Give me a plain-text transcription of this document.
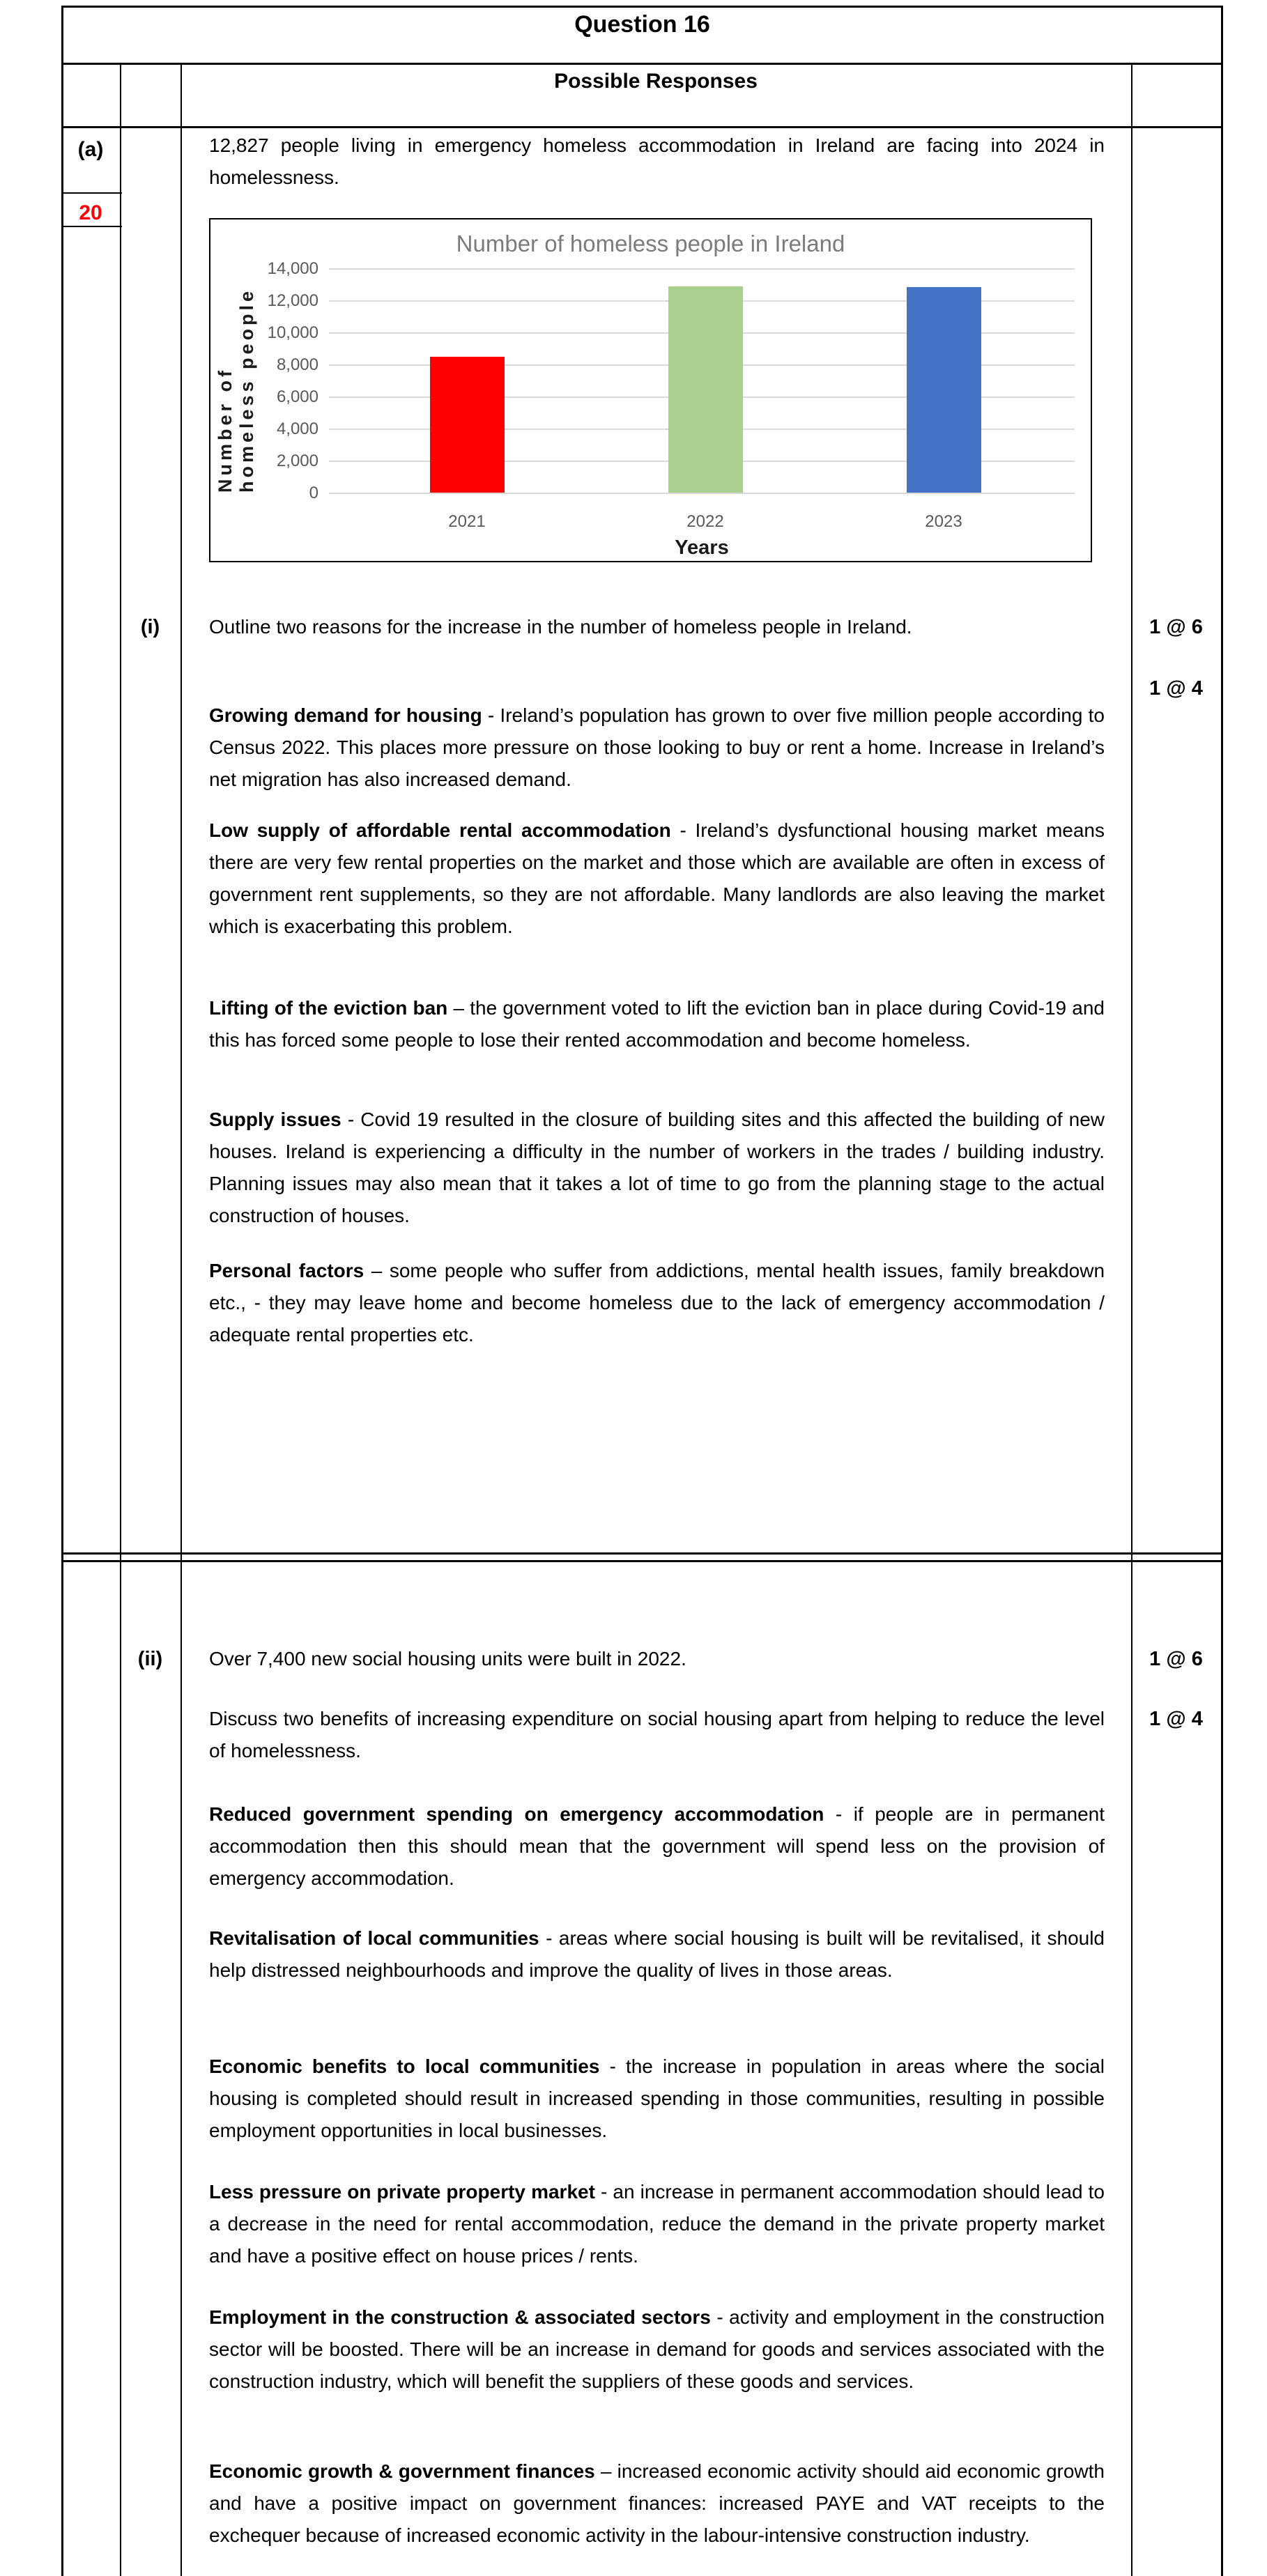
Question 16
Possible Responses
(a)
20
12,827 people living in emergency homeless accommodation in Ireland are facing into 2024 in homelessness.
Number of homeless people in Ireland
Number of homeless people
Years
0
2,000
4,000
6,000
8,000
10,000
12,000
14,000
2021	2022	2023
(i)	Outline two reasons for the increase in the number of homeless people in Ireland.	1 @ 6
1 @ 4
Growing demand for housing - Ireland’s population has grown to over five million people according to Census 2022. This places more pressure on those looking to buy or rent a home. Increase in Ireland’s net migration has also increased demand.
Low supply of affordable rental accommodation - Ireland’s dysfunctional housing market means there are very few rental properties on the market and those which are available are often in excess of government rent supplements, so they are not affordable. Many landlords are also leaving the market which is exacerbating this problem.
Lifting of the eviction ban – the government voted to lift the eviction ban in place during Covid-19 and this has forced some people to lose their rented accommodation and become homeless.
Supply issues - Covid 19 resulted in the closure of building sites and this affected the building of new houses. Ireland is experiencing a difficulty in the number of workers in the trades / building industry. Planning issues may also mean that it takes a lot of time to go from the planning stage to the actual construction of houses.
Personal factors – some people who suffer from addictions, mental health issues, family breakdown etc., - they may leave home and become homeless due to the lack of emergency accommodation / adequate rental properties etc.
(ii)	Over 7,400 new social housing units were built in 2022.	1 @ 6
Discuss two benefits of increasing expenditure on social housing apart from helping to reduce the level of homelessness.
1 @ 4
Reduced government spending on emergency accommodation - if people are in permanent accommodation then this should mean that the government will spend less on the provision of emergency accommodation.
Revitalisation of local communities - areas where social housing is built will be revitalised, it should help distressed neighbourhoods and improve the quality of lives in those areas.
Economic benefits to local communities - the increase in population in areas where the social housing is completed should result in increased spending in those communities, resulting in possible employment opportunities in local businesses.
Less pressure on private property market - an increase in permanent accommodation should lead to a decrease in the need for rental accommodation, reduce the demand in the private property market and have a positive effect on house prices / rents.
Employment in the construction & associated sectors - activity and employment in the construction sector will be boosted. There will be an increase in demand for goods and services associated with the construction industry, which will benefit the suppliers of these goods and services.
Economic growth & government finances – increased economic activity should aid economic growth and have a positive impact on government finances: increased PAYE and VAT receipts to the exchequer because of increased economic activity in the labour-intensive construction industry.
